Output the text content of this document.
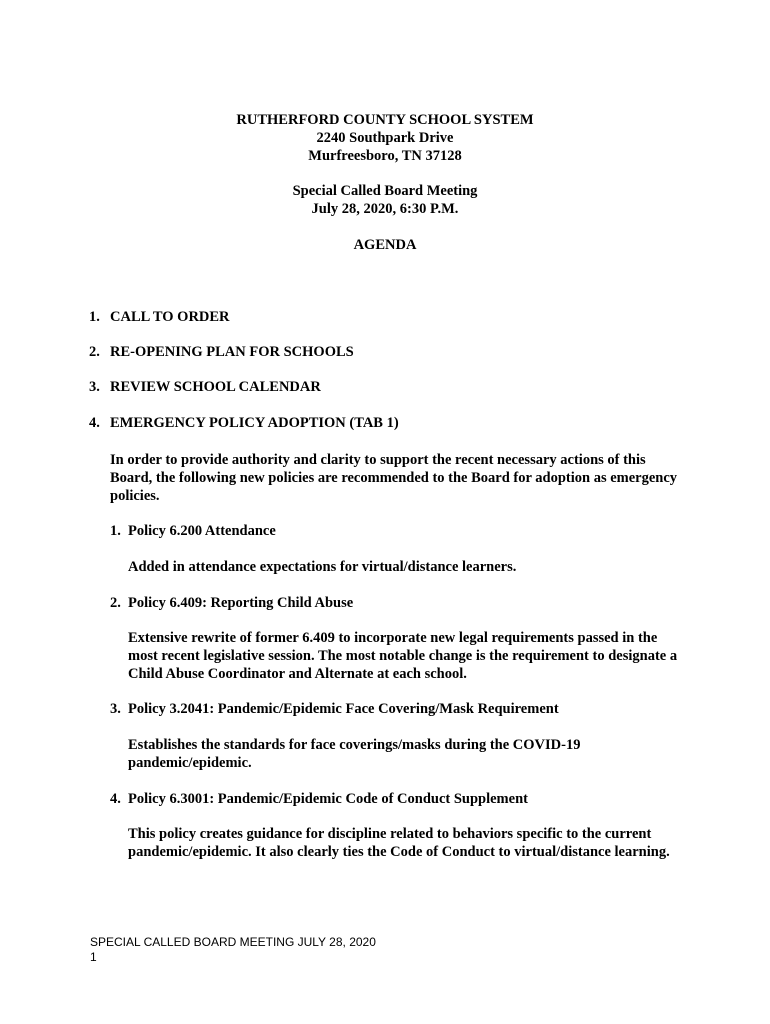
RUTHERFORD COUNTY SCHOOL SYSTEM

2240 Southpark Drive

Murfreesboro, TN 37128

Special Called Board Meeting

July 28, 2020, 6:30 P.M.

AGENDA

1. CALL TO ORDER

2. RE-OPENING PLAN FOR SCHOOLS

3. REVIEW SCHOOL CALENDAR

4. EMERGENCY POLICY ADOPTION (TAB 1)

In order to provide authority and clarity to support the recent necessary actions of this Board, the following new policies are recommended to the Board for adoption as emergency policies.

1. Policy 6.200 Attendance

Added in attendance expectations for virtual/distance learners.

2. Policy 6.409: Reporting Child Abuse

Extensive rewrite of former 6.409 to incorporate new legal requirements passed in the most recent legislative session. The most notable change is the requirement to designate a Child Abuse Coordinator and Alternate at each school.

3. Policy 3.2041: Pandemic/Epidemic Face Covering/Mask Requirement

Establishes the standards for face coverings/masks during the COVID-19 pandemic/epidemic.

4. Policy 6.3001: Pandemic/Epidemic Code of Conduct Supplement

This policy creates guidance for discipline related to behaviors specific to the current pandemic/epidemic. It also clearly ties the Code of Conduct to virtual/distance learning.

SPECIAL CALLED BOARD MEETING JULY 28, 2020

1
